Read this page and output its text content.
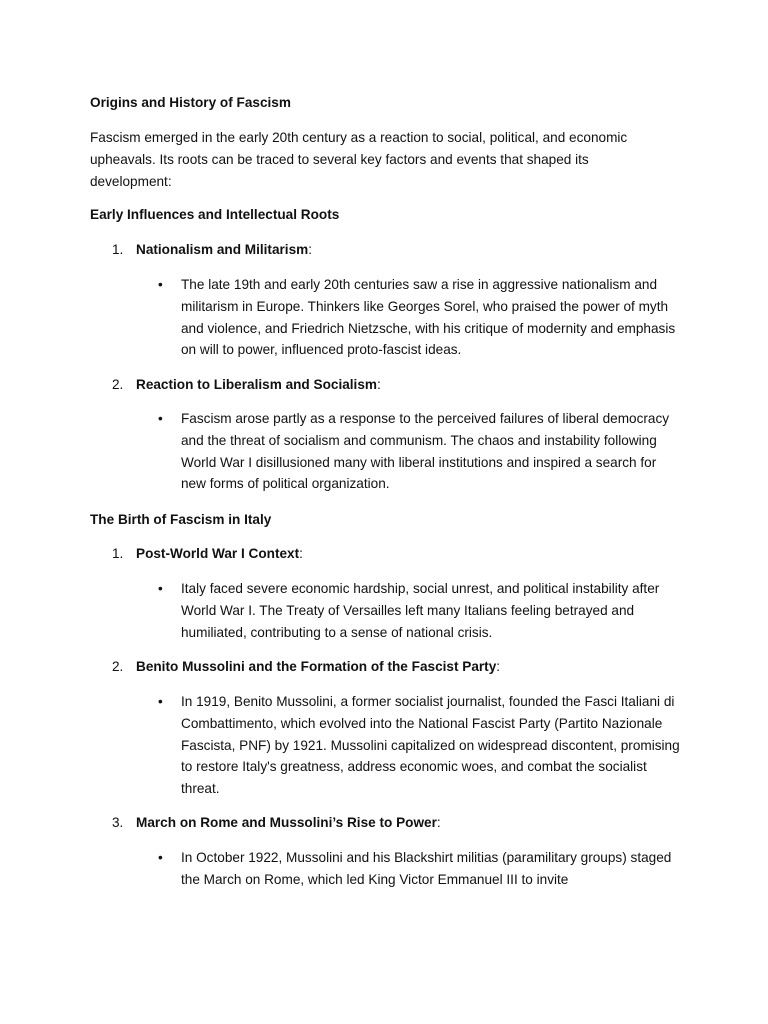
Origins and History of Fascism
Fascism emerged in the early 20th century as a reaction to social, political, and economic upheavals. Its roots can be traced to several key factors and events that shaped its development:
Early Influences and Intellectual Roots
1. Nationalism and Militarism:
• The late 19th and early 20th centuries saw a rise in aggressive nationalism and militarism in Europe. Thinkers like Georges Sorel, who praised the power of myth and violence, and Friedrich Nietzsche, with his critique of modernity and emphasis on will to power, influenced proto-fascist ideas.
2. Reaction to Liberalism and Socialism:
• Fascism arose partly as a response to the perceived failures of liberal democracy and the threat of socialism and communism. The chaos and instability following World War I disillusioned many with liberal institutions and inspired a search for new forms of political organization.
The Birth of Fascism in Italy
1. Post-World War I Context:
• Italy faced severe economic hardship, social unrest, and political instability after World War I. The Treaty of Versailles left many Italians feeling betrayed and humiliated, contributing to a sense of national crisis.
2. Benito Mussolini and the Formation of the Fascist Party:
• In 1919, Benito Mussolini, a former socialist journalist, founded the Fasci Italiani di Combattimento, which evolved into the National Fascist Party (Partito Nazionale Fascista, PNF) by 1921. Mussolini capitalized on widespread discontent, promising to restore Italy's greatness, address economic woes, and combat the socialist threat.
3. March on Rome and Mussolini’s Rise to Power:
• In October 1922, Mussolini and his Blackshirt militias (paramilitary groups) staged the March on Rome, which led King Victor Emmanuel III to invite
